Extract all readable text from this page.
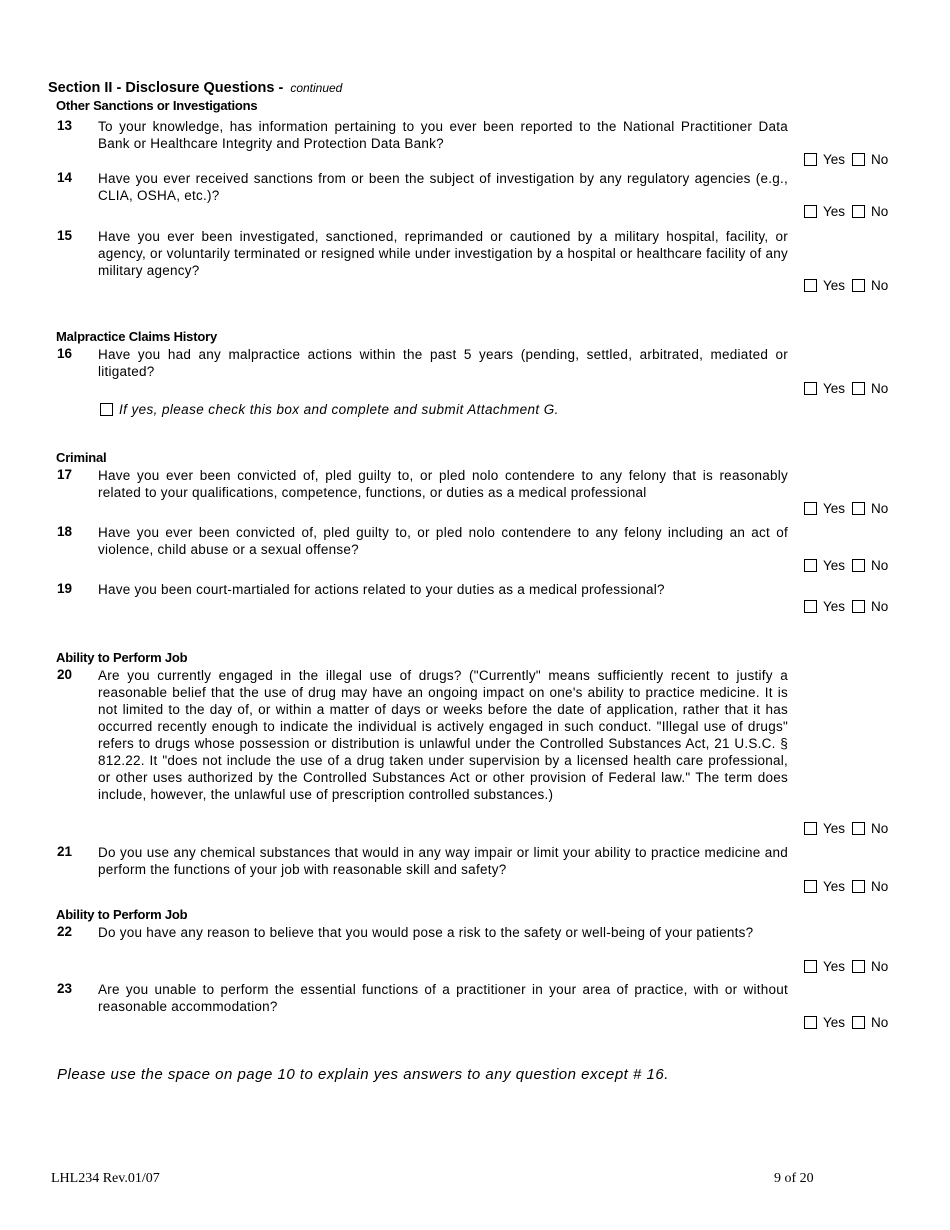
Section II - Disclosure Questions - continued
Other Sanctions or Investigations
13 To your knowledge, has information pertaining to you ever been reported to the National Practitioner Data Bank or Healthcare Integrity and Protection Data Bank?
Yes No
14 Have you ever received sanctions from or been the subject of investigation by any regulatory agencies (e.g., CLIA, OSHA, etc.)?
Yes No
15 Have you ever been investigated, sanctioned, reprimanded or cautioned by a military hospital, facility, or agency, or voluntarily terminated or resigned while under investigation by a hospital or healthcare facility of any military agency?
Yes No
Malpractice Claims History
16 Have you had any malpractice actions within the past 5 years (pending, settled, arbitrated, mediated or litigated?
Yes No
If yes, please check this box and complete and submit Attachment G.
Criminal
17 Have you ever been convicted of, pled guilty to, or pled nolo contendere to any felony that is reasonably related to your qualifications, competence, functions, or duties as a medical professional
Yes No
18 Have you ever been convicted of, pled guilty to, or pled nolo contendere to any felony including an act of violence, child abuse or a sexual offense?
Yes No
19 Have you been court-martialed for actions related to your duties as a medical professional?
Yes No
Ability to Perform Job
20 Are you currently engaged in the illegal use of drugs? ("Currently" means sufficiently recent to justify a reasonable belief that the use of drug may have an ongoing impact on one's ability to practice medicine. It is not limited to the day of, or within a matter of days or weeks before the date of application, rather that it has occurred recently enough to indicate the individual is actively engaged in such conduct. "Illegal use of drugs" refers to drugs whose possession or distribution is unlawful under the Controlled Substances Act, 21 U.S.C. § 812.22. It "does not include the use of a drug taken under supervision by a licensed health care professional, or other uses authorized by the Controlled Substances Act or other provision of Federal law." The term does include, however, the unlawful use of prescription controlled substances.)
Yes No
21 Do you use any chemical substances that would in any way impair or limit your ability to practice medicine and perform the functions of your job with reasonable skill and safety?
Yes No
Ability to Perform Job
22 Do you have any reason to believe that you would pose a risk to the safety or well-being of your patients?
Yes No
23 Are you unable to perform the essential functions of a practitioner in your area of practice, with or without reasonable accommodation?
Yes No
Please use the space on page 10 to explain yes answers to any question except # 16.
LHL234 Rev.01/07	9 of 20
